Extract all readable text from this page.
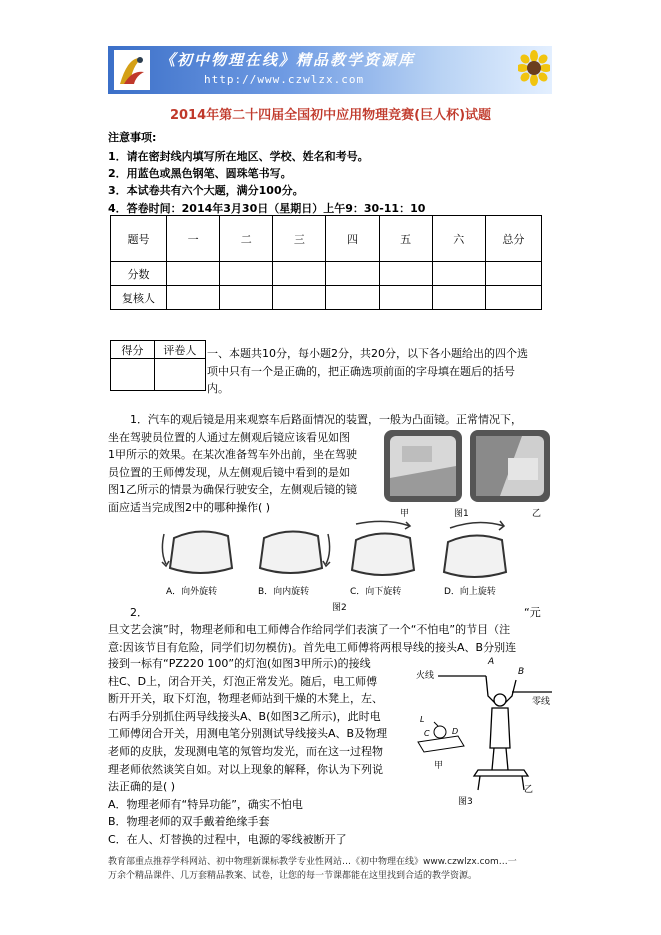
《初中物理在线》精品教学资源库
http://www.czwlzx.com
2014年第二十四届全国初中应用物理竞赛(巨人杯)试题
注意事项:
1．请在密封线内填写所在地区、学校、姓名和考号。
2．用蓝色或黑色钢笔、圆珠笔书写。
3．本试卷共有六个大题，满分100分。
4．答卷时间：2014年3月30日（星期日）上午9：30-11：10
题号	一	二	三	四	五	六	总分
分数							
复核人							
得分	评卷人
	一、本题共10分，每小题2分，共20分，以下各小题给出的四个选

项中只有一个是正确的，把正确选项前面的字母填在题后的括号

内。

1．汽车的观后镜是用来观察车后路面情况的装置，一般为凸面镜。正常情况下，

坐在驾驶员位置的人通过左侧观后镜应该看见如图

1甲所示的效果。在某次准备驾车外出前，坐在驾驶

员位置的王师傅发现，从左侧观后镜中看到的是如

图1乙所示的情景为确保行驶安全，左侧观后镜的镜

面应适当完成图2中的哪种操作( )

甲	图1	乙
A．向外旋转	B．向内旋转	C．向下旋转	D．向上旋转
图2
2．	“元

旦文艺会演”时，物理老师和电工师傅合作给同学们表演了一个“不怕电”的节目（注

意:因该节目有危险，同学们切勿模仿)。首先电工师傅将两根导线的接头A、B分别连

接到一标有“PZ220 100”的灯泡(如图3甲所示)的接线

柱C、D上，闭合开关，灯泡正常发光。随后，电工师傅

断开开关，取下灯泡，物理老师站到干燥的木凳上，左、

右两手分别抓住两导线接头A、B(如图3乙所示)，此时电

工师傅闭合开关，用测电笔分别测试导线接头A、B及物理

老师的皮肤，发现测电笔的氖管均发光，而在这一过程物

理老师依然谈笑自如。对以上现象的解释，你认为下列说

法正确的是( )

A．物理老师有“特异功能”，确实不怕电

B．物理老师的双手戴着绝缘手套

C．在人、灯替换的过程中，电源的零线被断开了

火线
零线
A
B
L
C	D
甲
乙
图3
教育部重点推荐学科网站、初中物理新课标教学专业性网站…《初中物理在线》www.czwlzx.com…一
万余个精品课件、几万套精品教案、试卷，让您的每一节课都能在这里找到合适的教学资源。
